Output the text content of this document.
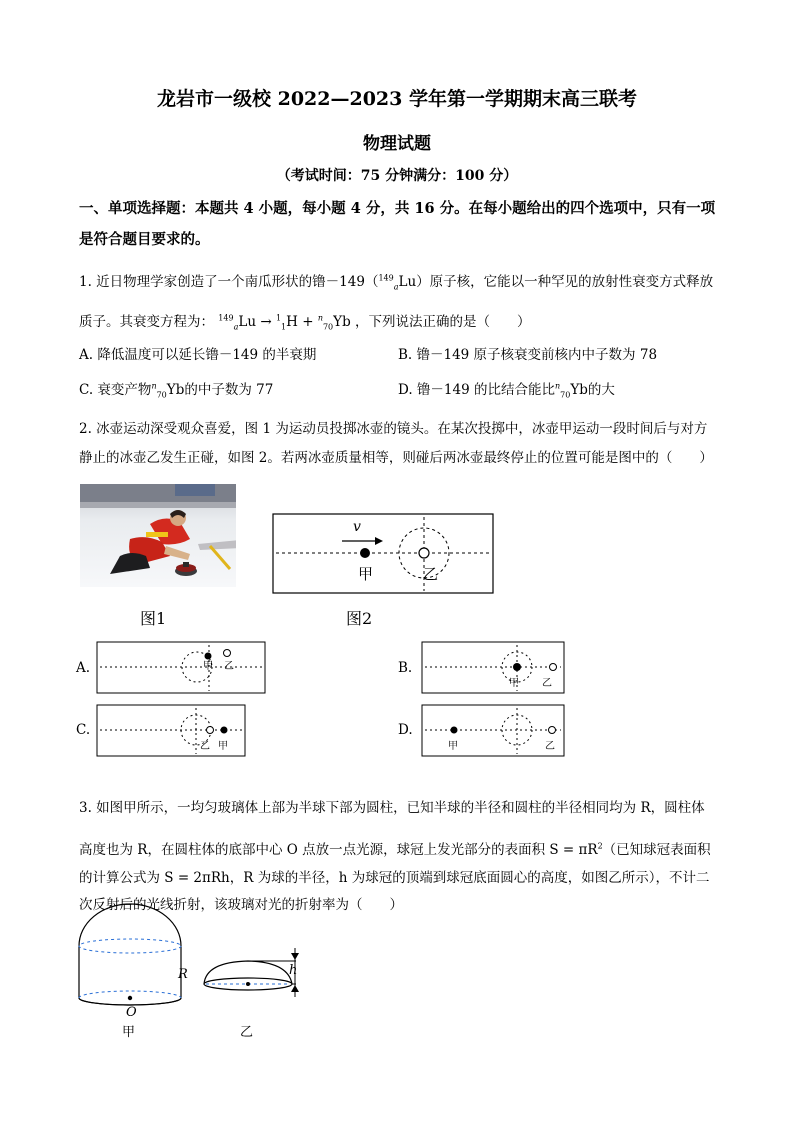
龙岩市一级校 2022—2023 学年第一学期期末高三联考
物理试题
（考试时间：75 分钟满分：100 分）
一、单项选择题：本题共 4 小题，每小题 4 分，共 16 分。在每小题给出的四个选项中，只有一项是符合题目要求的。
1. 近日物理学家创造了一个南瓜形状的镥－149（$^{149}_a$Lu）原子核，它能以一种罕见的放射性衰变方式释放
质子。其衰变方程为： $^{149}_a$Lu → $^1_1$H + $^n_{70}$Yb ，下列说法正确的是（　　）
A. 降低温度可以延长镥－149 的半衰期	B. 镥－149 原子核衰变前核内中子数为 78
C. 衰变产物$^n_{70}$Yb的中子数为 77	D. 镥－149 的比结合能比$^n_{70}$Yb的大
2. 冰壶运动深受观众喜爱，图 1 为运动员投掷冰壶的镜头。在某次投掷中，冰壶甲运动一段时间后与对方
静止的冰壶乙发生正碰，如图 2。若两冰壶质量相等，则碰后两冰壶最终停止的位置可能是图中的（　　）
图1
v
甲	乙
图2
A.	甲 乙	B.
甲 乙
C.
乙 甲
D.
甲	乙
3. 如图甲所示，一均匀玻璃体上部为半球下部为圆柱，已知半球的半径和圆柱的半径相同均为 R，圆柱体
高度也为 R，在圆柱体的底部中心 O 点放一点光源，球冠上发光部分的表面积 $S = \pi R^2$（已知球冠表面积
的计算公式为 S = 2πRh，R 为球的半径，h 为球冠的顶端到球冠底面圆心的高度，如图乙所示），不计二
次反射后的光线折射，该玻璃对光的折射率为（　　）
R
O
甲
h
乙
